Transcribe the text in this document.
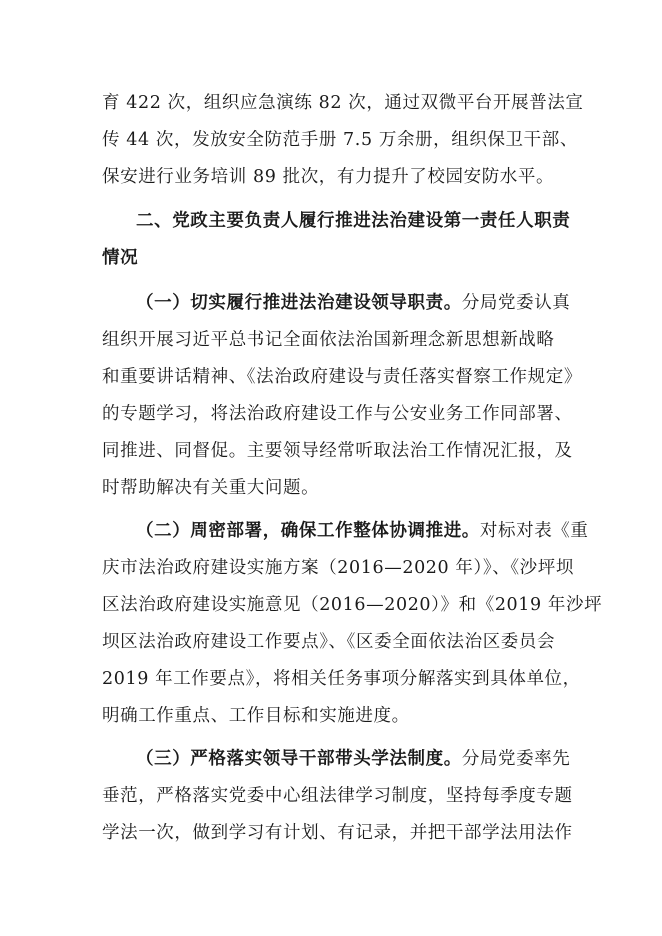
育 422 次，组织应急演练 82 次，通过双微平台开展普法宣
传 44 次，发放安全防范手册 7.5 万余册，组织保卫干部、
保安进行业务培训 89 批次，有力提升了校园安防水平。
二、党政主要负责人履行推进法治建设第一责任人职责
情况
（一）切实履行推进法治建设领导职责。分局党委认真
组织开展习近平总书记全面依法治国新理念新思想新战略
和重要讲话精神、《法治政府建设与责任落实督察工作规定》
的专题学习，将法治政府建设工作与公安业务工作同部署、
同推进、同督促。主要领导经常听取法治工作情况汇报，及
时帮助解决有关重大问题。
（二）周密部署，确保工作整体协调推进。对标对表《重
庆市法治政府建设实施方案（2016—2020 年）》、《沙坪坝
区法治政府建设实施意见（2016—2020）》和《2019 年沙坪
坝区法治政府建设工作要点》、《区委全面依法治区委员会
2019 年工作要点》，将相关任务事项分解落实到具体单位，
明确工作重点、工作目标和实施进度。
（三）严格落实领导干部带头学法制度。分局党委率先
垂范，严格落实党委中心组法律学习制度，坚持每季度专题
学法一次，做到学习有计划、有记录，并把干部学法用法作
